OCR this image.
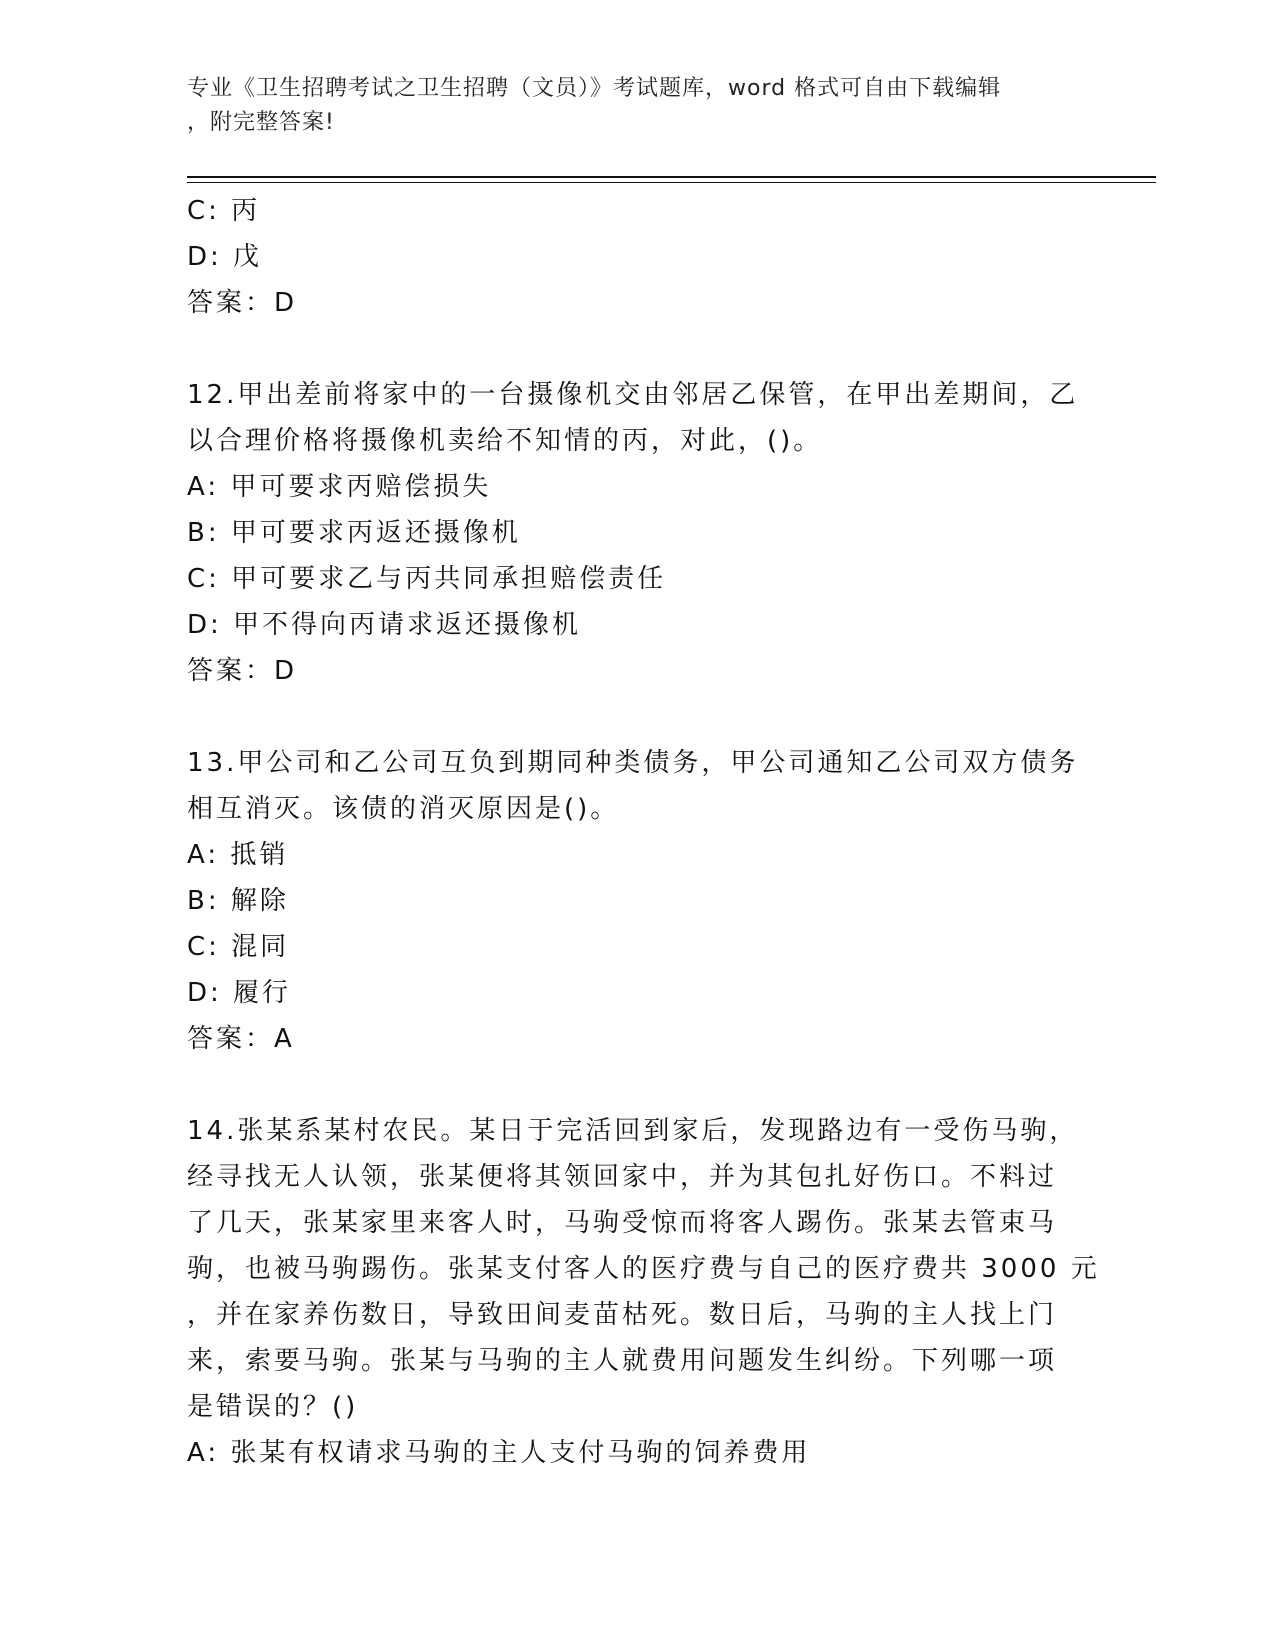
专业《卫生招聘考试之卫生招聘（文员）》考试题库，word 格式可自由下载编辑
，附完整答案!

C: 丙

D: 戊

答案：D

12.甲出差前将家中的一台摄像机交由邻居乙保管，在甲出差期间，乙

以合理价格将摄像机卖给不知情的丙，对此，()。

A: 甲可要求丙赔偿损失

B: 甲可要求丙返还摄像机

C: 甲可要求乙与丙共同承担赔偿责任

D: 甲不得向丙请求返还摄像机

答案：D

13.甲公司和乙公司互负到期同种类债务，甲公司通知乙公司双方债务

相互消灭。该债的消灭原因是()。

A: 抵销

B: 解除

C: 混同

D: 履行

答案：A

14.张某系某村农民。某日于完活回到家后，发现路边有一受伤马驹，

经寻找无人认领，张某便将其领回家中，并为其包扎好伤口。不料过

了几天，张某家里来客人时，马驹受惊而将客人踢伤。张某去管束马

驹，也被马驹踢伤。张某支付客人的医疗费与自己的医疗费共 3000 元

，并在家养伤数日，导致田间麦苗枯死。数日后，马驹的主人找上门

来，索要马驹。张某与马驹的主人就费用问题发生纠纷。下列哪一项

是错误的？()

A: 张某有权请求马驹的主人支付马驹的饲养费用
